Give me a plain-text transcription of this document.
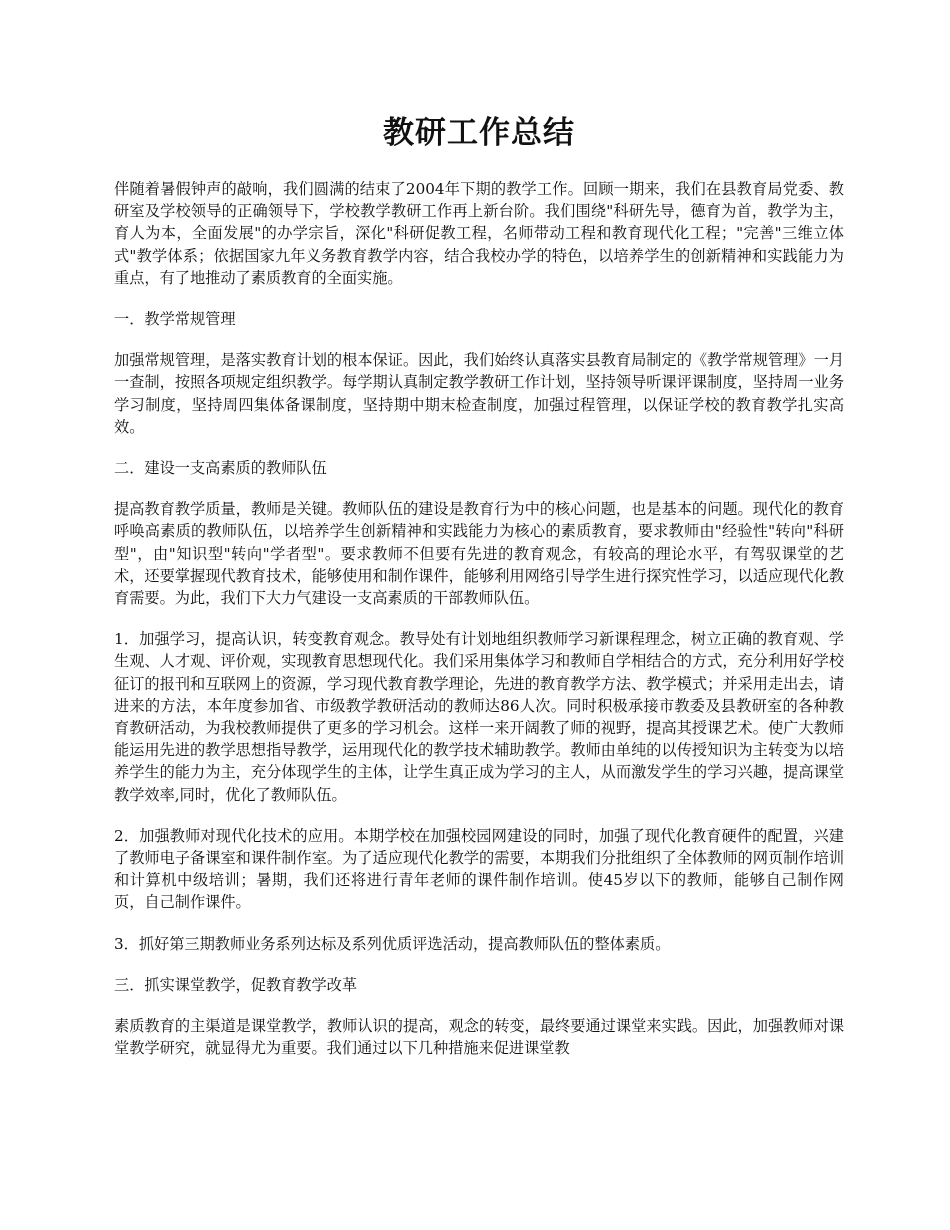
教研工作总结

伴随着暑假钟声的敲响，我们圆满的结束了2004年下期的教学工作。回顾一期来，我们在县教育局党委、教研室及学校领导的正确领导下，学校教学教研工作再上新台阶。我们围绕"科研先导，德育为首，教学为主，育人为本，全面发展"的办学宗旨，深化"科研促教工程，名师带动工程和教育现代化工程；"完善"三维立体式"教学体系；依据国家九年义务教育教学内容，结合我校办学的特色，以培养学生的创新精神和实践能力为重点，有了地推动了素质教育的全面实施。

一．教学常规管理

加强常规管理，是落实教育计划的根本保证。因此，我们始终认真落实县教育局制定的《教学常规管理》一月一查制，按照各项规定组织教学。每学期认真制定教学教研工作计划，坚持领导听课评课制度，坚持周一业务学习制度，坚持周四集体备课制度，坚持期中期末检查制度，加强过程管理，以保证学校的教育教学扎实高效。

二．建设一支高素质的教师队伍

提高教育教学质量，教师是关键。教师队伍的建设是教育行为中的核心问题，也是基本的问题。现代化的教育呼唤高素质的教师队伍，以培养学生创新精神和实践能力为核心的素质教育，要求教师由"经验性"转向"科研型"，由"知识型"转向"学者型"。要求教师不但要有先进的教育观念，有较高的理论水平，有驾驭课堂的艺术，还要掌握现代教育技术，能够使用和制作课件，能够利用网络引导学生进行探究性学习，以适应现代化教育需要。为此，我们下大力气建设一支高素质的干部教师队伍。

1．加强学习，提高认识，转变教育观念。教导处有计划地组织教师学习新课程理念，树立正确的教育观、学生观、人才观、评价观，实现教育思想现代化。我们采用集体学习和教师自学相结合的方式，充分利用好学校征订的报刊和互联网上的资源，学习现代教育教学理论，先进的教育教学方法、教学模式；并采用走出去，请进来的方法，本年度参加省、市级教学教研活动的教师达86人次。同时积极承接市教委及县教研室的各种教育教研活动，为我校教师提供了更多的学习机会。这样一来开阔教了师的视野，提高其授课艺术。使广大教师能运用先进的教学思想指导教学，运用现代化的教学技术辅助教学。教师由单纯的以传授知识为主转变为以培养学生的能力为主，充分体现学生的主体，让学生真正成为学习的主人，从而激发学生的学习兴趣，提高课堂教学效率,同时，优化了教师队伍。

2．加强教师对现代化技术的应用。本期学校在加强校园网建设的同时，加强了现代化教育硬件的配置，兴建了教师电子备课室和课件制作室。为了适应现代化教学的需要，本期我们分批组织了全体教师的网页制作培训和计算机中级培训；暑期，我们还将进行青年老师的课件制作培训。使45岁以下的教师，能够自己制作网页，自己制作课件。

3．抓好第三期教师业务系列达标及系列优质评选活动，提高教师队伍的整体素质。

三．抓实课堂教学，促教育教学改革

素质教育的主渠道是课堂教学，教师认识的提高，观念的转变，最终要通过课堂来实践。因此，加强教师对课堂教学研究，就显得尤为重要。我们通过以下几种措施来促进课堂教
